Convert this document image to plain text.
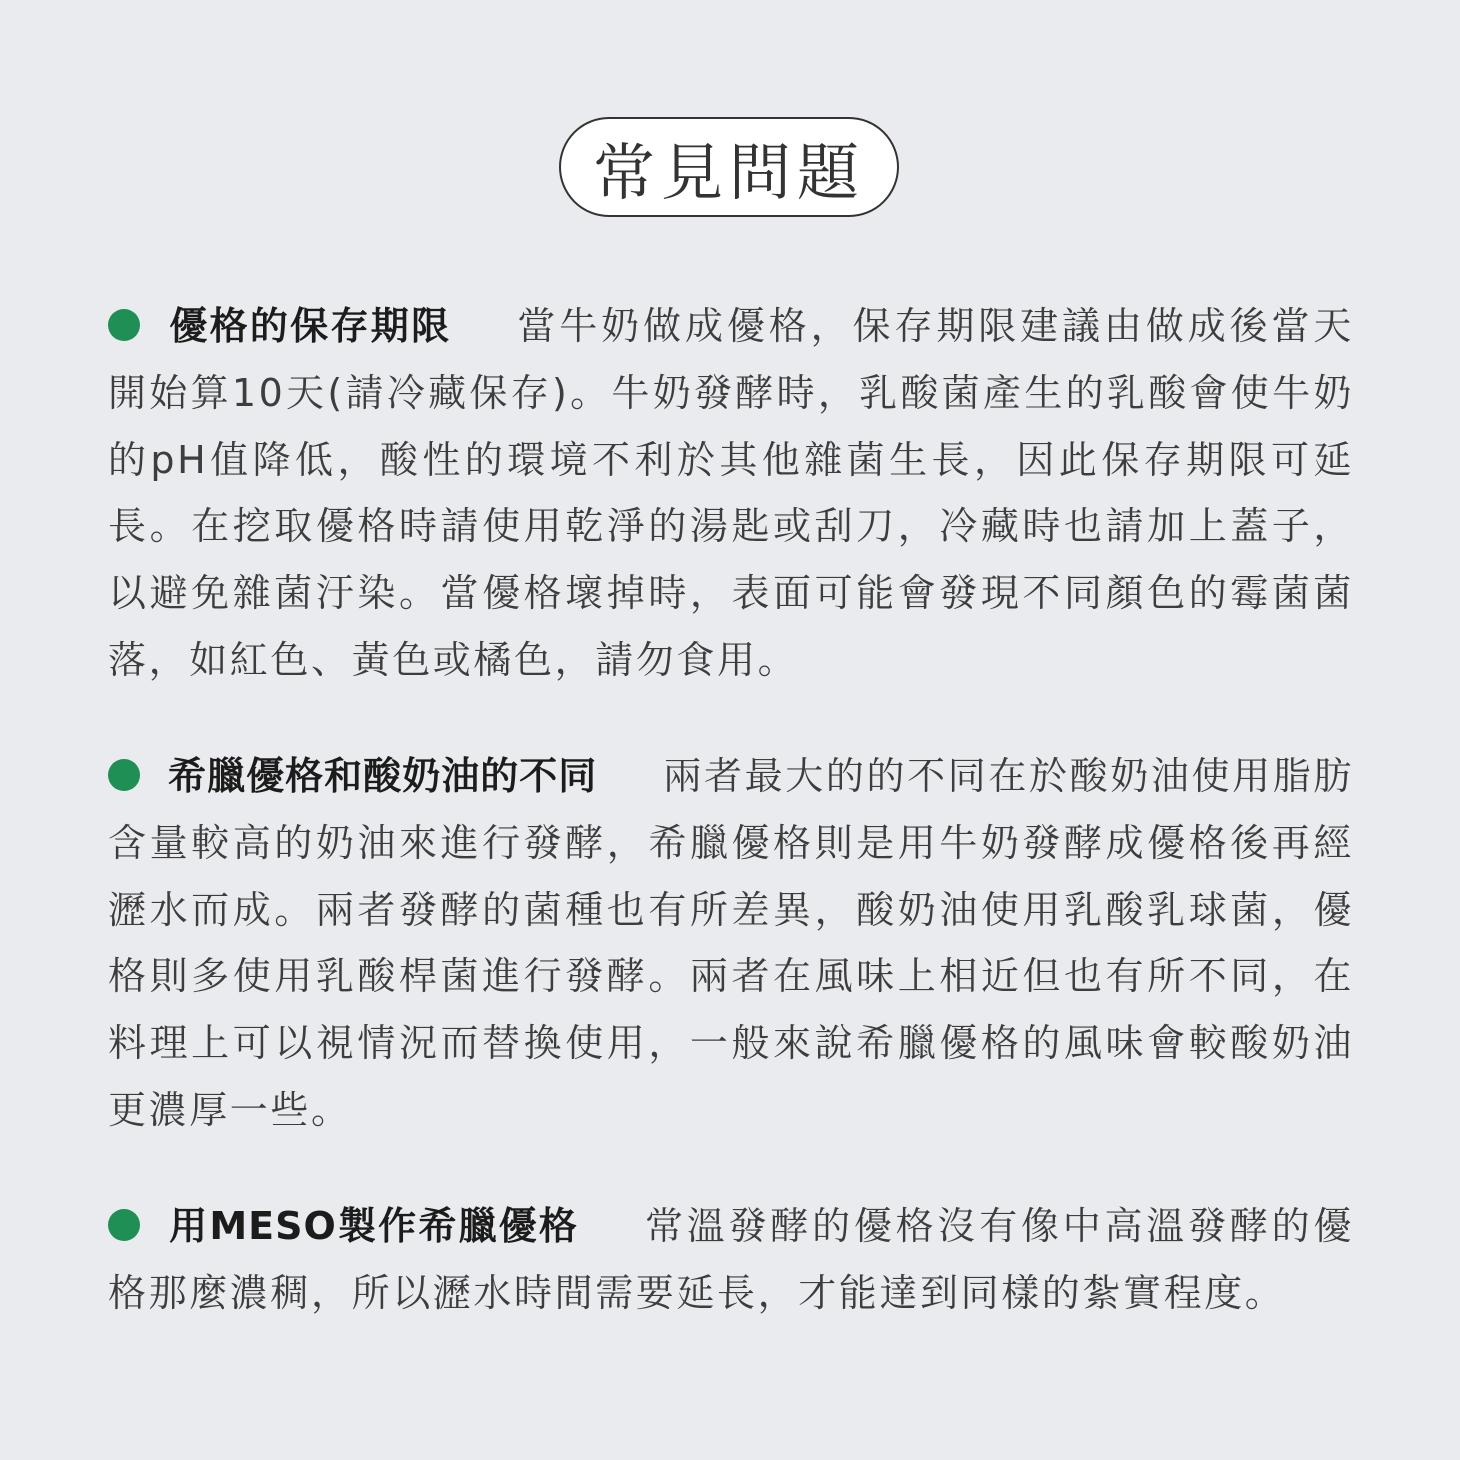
常見問題
優格的保存期限 當牛奶做成優格，保存期限建議由做成後當天開始算10天(請冷藏保存)。牛奶發酵時，乳酸菌產生的乳酸會使牛奶的pH值降低，酸性的環境不利於其他雜菌生長，因此保存期限可延長。在挖取優格時請使用乾淨的湯匙或刮刀，冷藏時也請加上蓋子，以避免雜菌汙染。當優格壞掉時，表面可能會發現不同顏色的霉菌菌落，如紅色、黃色或橘色，請勿食用。
希臘優格和酸奶油的不同 兩者最大的的不同在於酸奶油使用脂肪含量較高的奶油來進行發酵，希臘優格則是用牛奶發酵成優格後再經瀝水而成。兩者發酵的菌種也有所差異，酸奶油使用乳酸乳球菌，優格則多使用乳酸桿菌進行發酵。兩者在風味上相近但也有所不同，在料理上可以視情況而替換使用，一般來說希臘優格的風味會較酸奶油更濃厚一些。
用MESO製作希臘優格 常溫發酵的優格沒有像中高溫發酵的優格那麼濃稠，所以瀝水時間需要延長，才能達到同樣的紮實程度。
